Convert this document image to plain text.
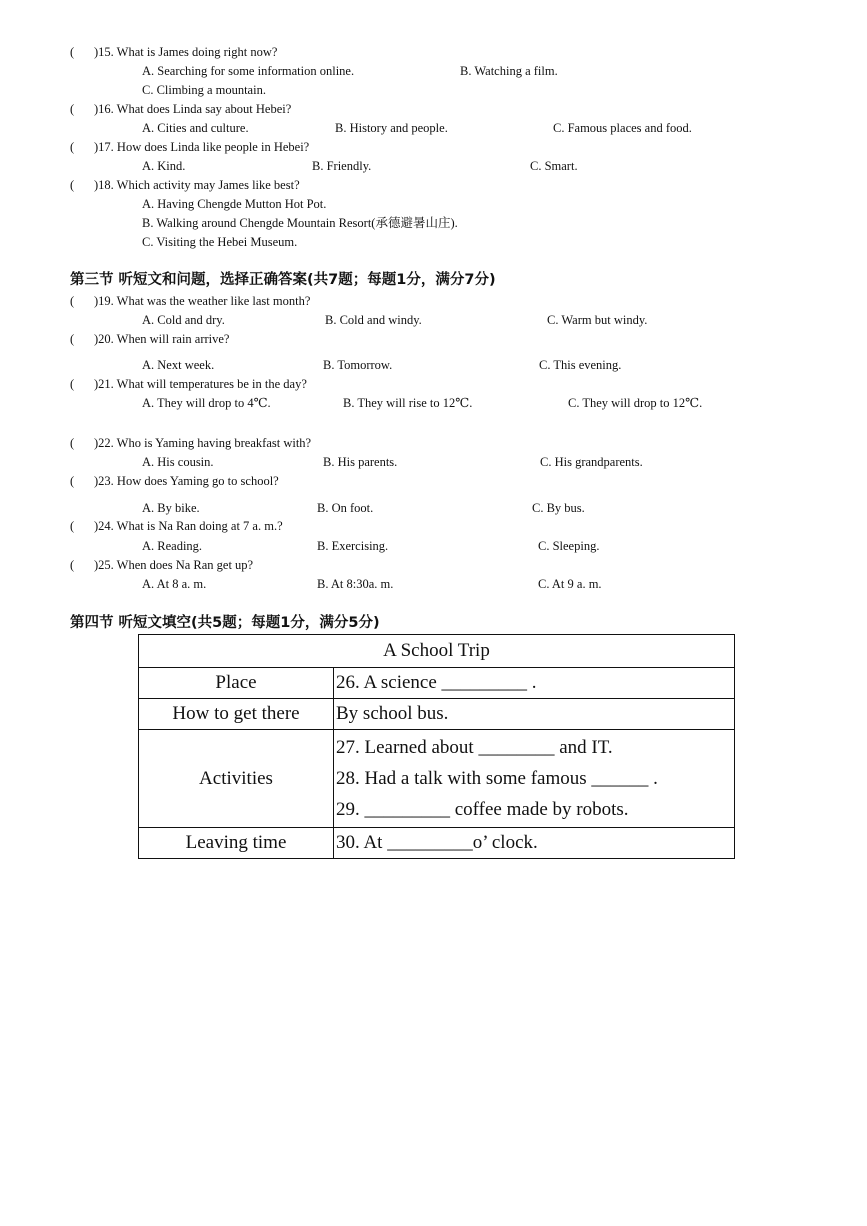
( )15. What is James doing right now?
A. Searching for some information online.	B. Watching a film.
C. Climbing a mountain.
( )16. What does Linda say about Hebei?
A. Cities and culture.	B. History and people.	C. Famous places and food.
( )17. How does Linda like people in Hebei?
A. Kind.	B. Friendly.	C. Smart.
( )18. Which activity may James like best?
A. Having Chengde Mutton Hot Pot.
B. Walking around Chengde Mountain Resort(承德避暑山庄).
C. Visiting the Hebei Museum.
第三节 听短文和问题，选择正确答案(共7题；每题1分，满分7分)
( )19. What was the weather like last month?
A. Cold and dry.	B. Cold and windy.	C. Warm but windy.
( )20. When will rain arrive?
A. Next week.	B. Tomorrow.	C. This evening.
( )21. What will temperatures be in the day?
A. They will drop to 4℃.	B. They will rise to 12℃.	C. They will drop to 12℃.
( )22. Who is Yaming having breakfast with?
A. His cousin.	B. His parents.	C. His grandparents.
( )23. How does Yaming go to school?
A. By bike.	B. On foot.	C. By bus.
( )24. What is Na Ran doing at 7 a. m.?
A. Reading.	B. Exercising.	C. Sleeping.
( )25. When does Na Ran get up?
A. At 8 a. m.	B. At 8:30a. m.	C. At 9 a. m.
第四节 听短文填空(共5题；每题1分，满分5分)
A School Trip	
Place	26. A science _________ .
How to get there	By school bus.
Activities	27. Learned about ________ and IT.
28. Had a talk with some famous ______ .
29. _________ coffee made by robots.

Leaving time	30. At _________o’ clock.
